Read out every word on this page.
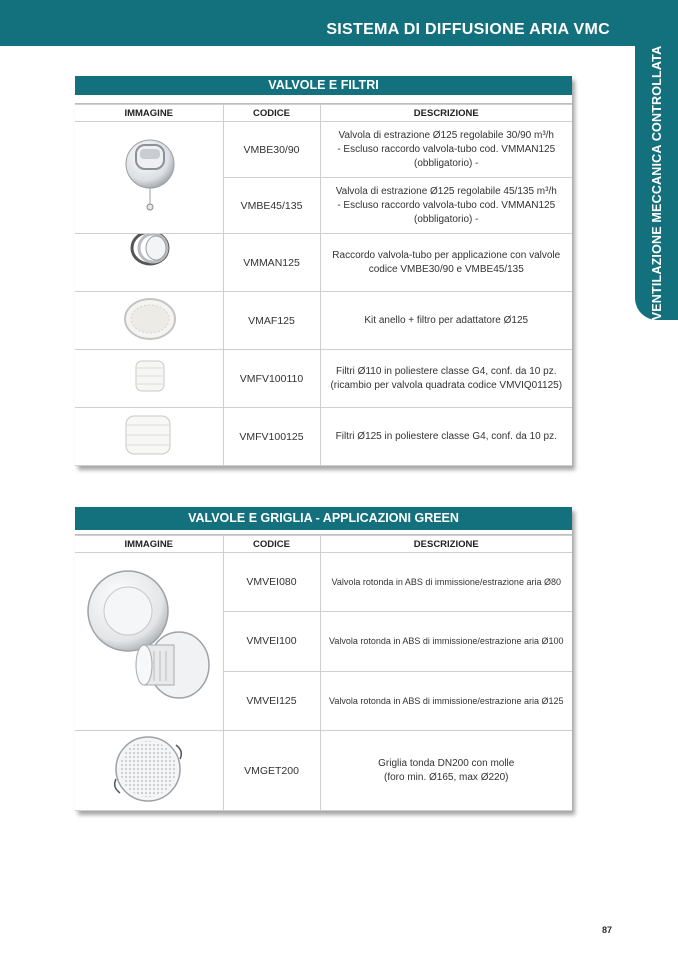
SISTEMA DI DIFFUSIONE ARIA VMC
VENTILAZIONE MECCANICA CONTROLLATA
VALVOLE E FILTRI
IMMAGINE	CODICE	DESCRIZIONE
	VMBE30/90	Valvola di estrazione Ø125 regolabile 30/90 m³/h
- Escluso raccordo valvola-tubo cod. VMMAN125
(obbligatorio) -

	VMBE45/135	Valvola di estrazione Ø125 regolabile 45/135 m³/h
- Escluso raccordo valvola-tubo cod. VMMAN125
(obbligatorio) -

	VMMAN125	Raccordo valvola-tubo per applicazione con valvole
codice VMBE30/90 e VMBE45/135

	VMAF125	Kit anello + filtro per adattatore Ø125

	VMFV100110	Filtri Ø110 in poliestere classe G4, conf. da 10 pz.
(ricambio per valvola quadrata codice VMVIQ01125)

	VMFV100125	Filtri Ø125 in poliestere classe G4, conf. da 10 pz.
VALVOLE E GRIGLIA - APPLICAZIONI GREEN
IMMAGINE	CODICE	DESCRIZIONE
	VMVEI080	Valvola rotonda in ABS di immissione/estrazione aria Ø80

	VMVEI100	Valvola rotonda in ABS di immissione/estrazione aria Ø100

	VMVEI125	Valvola rotonda in ABS di immissione/estrazione aria Ø125

	VMGET200	Griglia tonda DN200 con molle
(foro min. Ø165, max Ø220)
87
